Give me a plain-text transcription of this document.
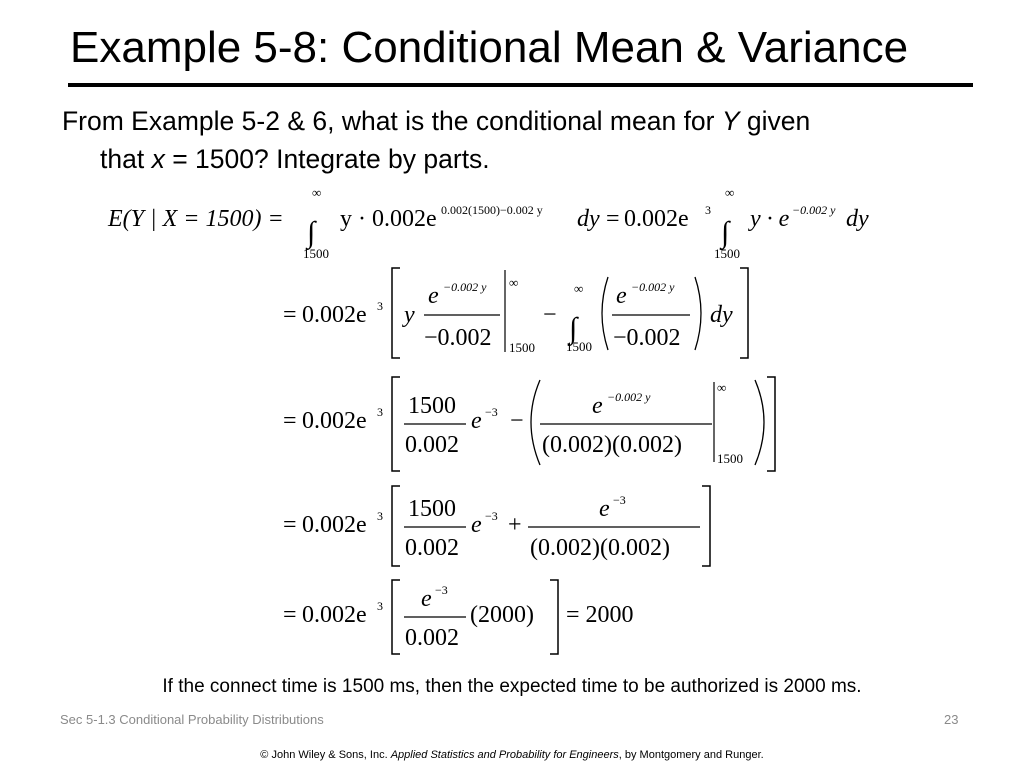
Example 5-8: Conditional Mean & Variance
From Example 5-2 & 6, what is the conditional mean for Y given
that x = 1500? Integrate by parts.
E(Y | X = 1500) = ∫
∞
1500
y · 0.002e 0.002(1500)−0.002 y dy = 0.002e 3
∫
∞
1500
y · e −0.002 y dy
= 0.002e 3 y
e −0.002 y
−0.002
∞
1500
− ∫
∞
1500
e −0.002 y
−0.002
dy
= 0.002e 3 1500
0.002
e −3 −
e −0.002 y
(0.002)(0.002)
∞
1500
= 0.002e 3 1500
0.002
e −3 +
e −3
(0.002)(0.002)
= 0.002e 3 e −3
0.002
(2000) = 2000
If the connect time is 1500 ms, then the expected time to be authorized is 2000 ms.
Sec 5-1.3 Conditional Probability Distributions	23
© John Wiley & Sons, Inc. Applied Statistics and Probability for Engineers, by Montgomery and Runger.
